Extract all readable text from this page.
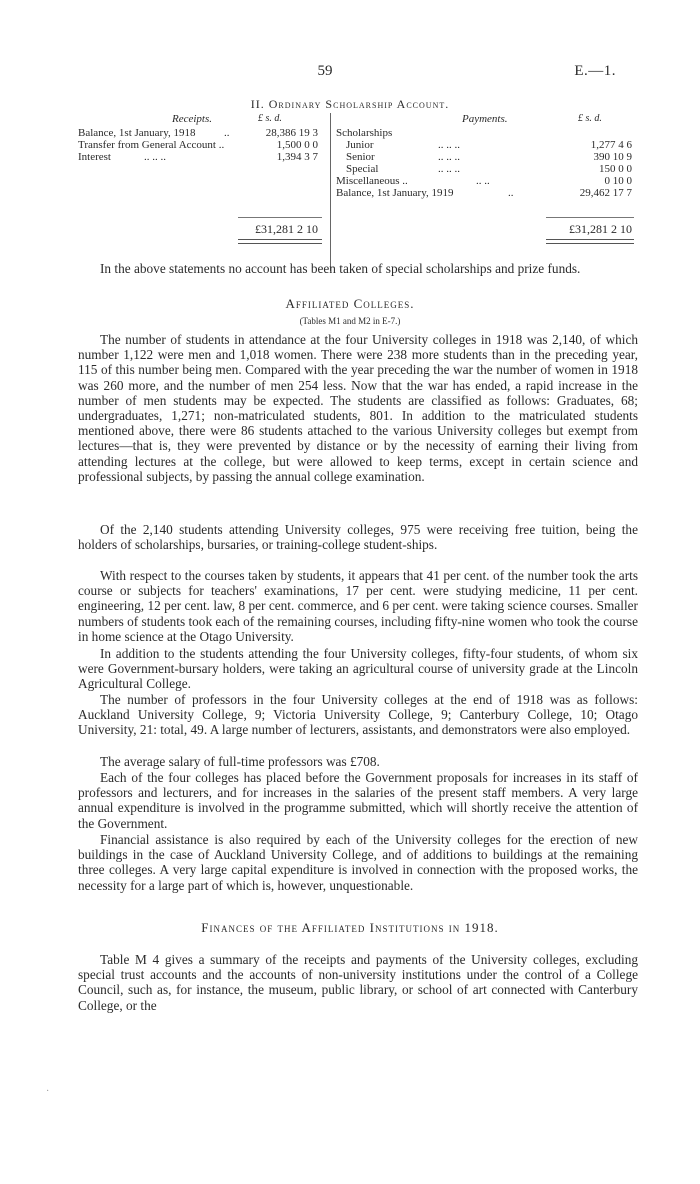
59	E.—1.
II. Ordinary Scholarship Account.
Receipts.	£ s. d.	Payments.	£ s. d.
Balance, 1st January, 1918	..	28,386 19 3
Transfer from General Account ..	1,500 0 0
Interest	.. .. ..	1,394 3 7
Scholarships
Junior	.. .. ..	1,277 4 6
Senior	.. .. ..	390 10 9
Special	.. .. ..	150 0 0
Miscellaneous ..	.. ..	0 10 0
Balance, 1st January, 1919	..	29,462 17 7
£31,281 2 10	£31,281 2 10

In the above statements no account has been taken of special scholarships and prize funds.

Affiliated Colleges.
(Tables M1 and M2 in E-7.)

The number of students in attendance at the four University colleges in 1918 was 2,140, of which number 1,122 were men and 1,018 women. There were 238 more students than in the preceding year, 115 of this number being men. Compared with the year preceding the war the number of women in 1918 was 260 more, and the number of men 254 less. Now that the war has ended, a rapid increase in the number of men students may be expected. The students are classified as follows: Graduates, 68; undergraduates, 1,271; non-matriculated students, 801. In addition to the matriculated students mentioned above, there were 86 students attached to the various University colleges but exempt from lectures—that is, they were prevented by distance or by the necessity of earning their living from attending lectures at the college, but were allowed to keep terms, except in certain science and professional subjects, by passing the annual college examination.

Of the 2,140 students attending University colleges, 975 were receiving free tuition, being the holders of scholarships, bursaries, or training-college student-ships.

With respect to the courses taken by students, it appears that 41 per cent. of the number took the arts course or subjects for teachers' examinations, 17 per cent. were studying medicine, 11 per cent. engineering, 12 per cent. law, 8 per cent. commerce, and 6 per cent. were taking science courses. Smaller numbers of students took each of the remaining courses, including fifty-nine women who took the course in home science at the Otago University.

In addition to the students attending the four University colleges, fifty-four students, of whom six were Government-bursary holders, were taking an agricultural course of university grade at the Lincoln Agricultural College.

The number of professors in the four University colleges at the end of 1918 was as follows: Auckland University College, 9; Victoria University College, 9; Canterbury College, 10; Otago University, 21: total, 49. A large number of lecturers, assistants, and demonstrators were also employed.

The average salary of full-time professors was £708.

Each of the four colleges has placed before the Government proposals for increases in its staff of professors and lecturers, and for increases in the salaries of the present staff members. A very large annual expenditure is involved in the programme submitted, which will shortly receive the attention of the Government.

Financial assistance is also required by each of the University colleges for the erection of new buildings in the case of Auckland University College, and of additions to buildings at the remaining three colleges. A very large capital expenditure is involved in connection with the proposed works, the necessity for a large part of which is, however, unquestionable.

Finances of the Affiliated Institutions in 1918.

Table M 4 gives a summary of the receipts and payments of the University colleges, excluding special trust accounts and the accounts of non-university institutions under the control of a College Council, such as, for instance, the museum, public library, or school of art connected with Canterbury College, or the

·
